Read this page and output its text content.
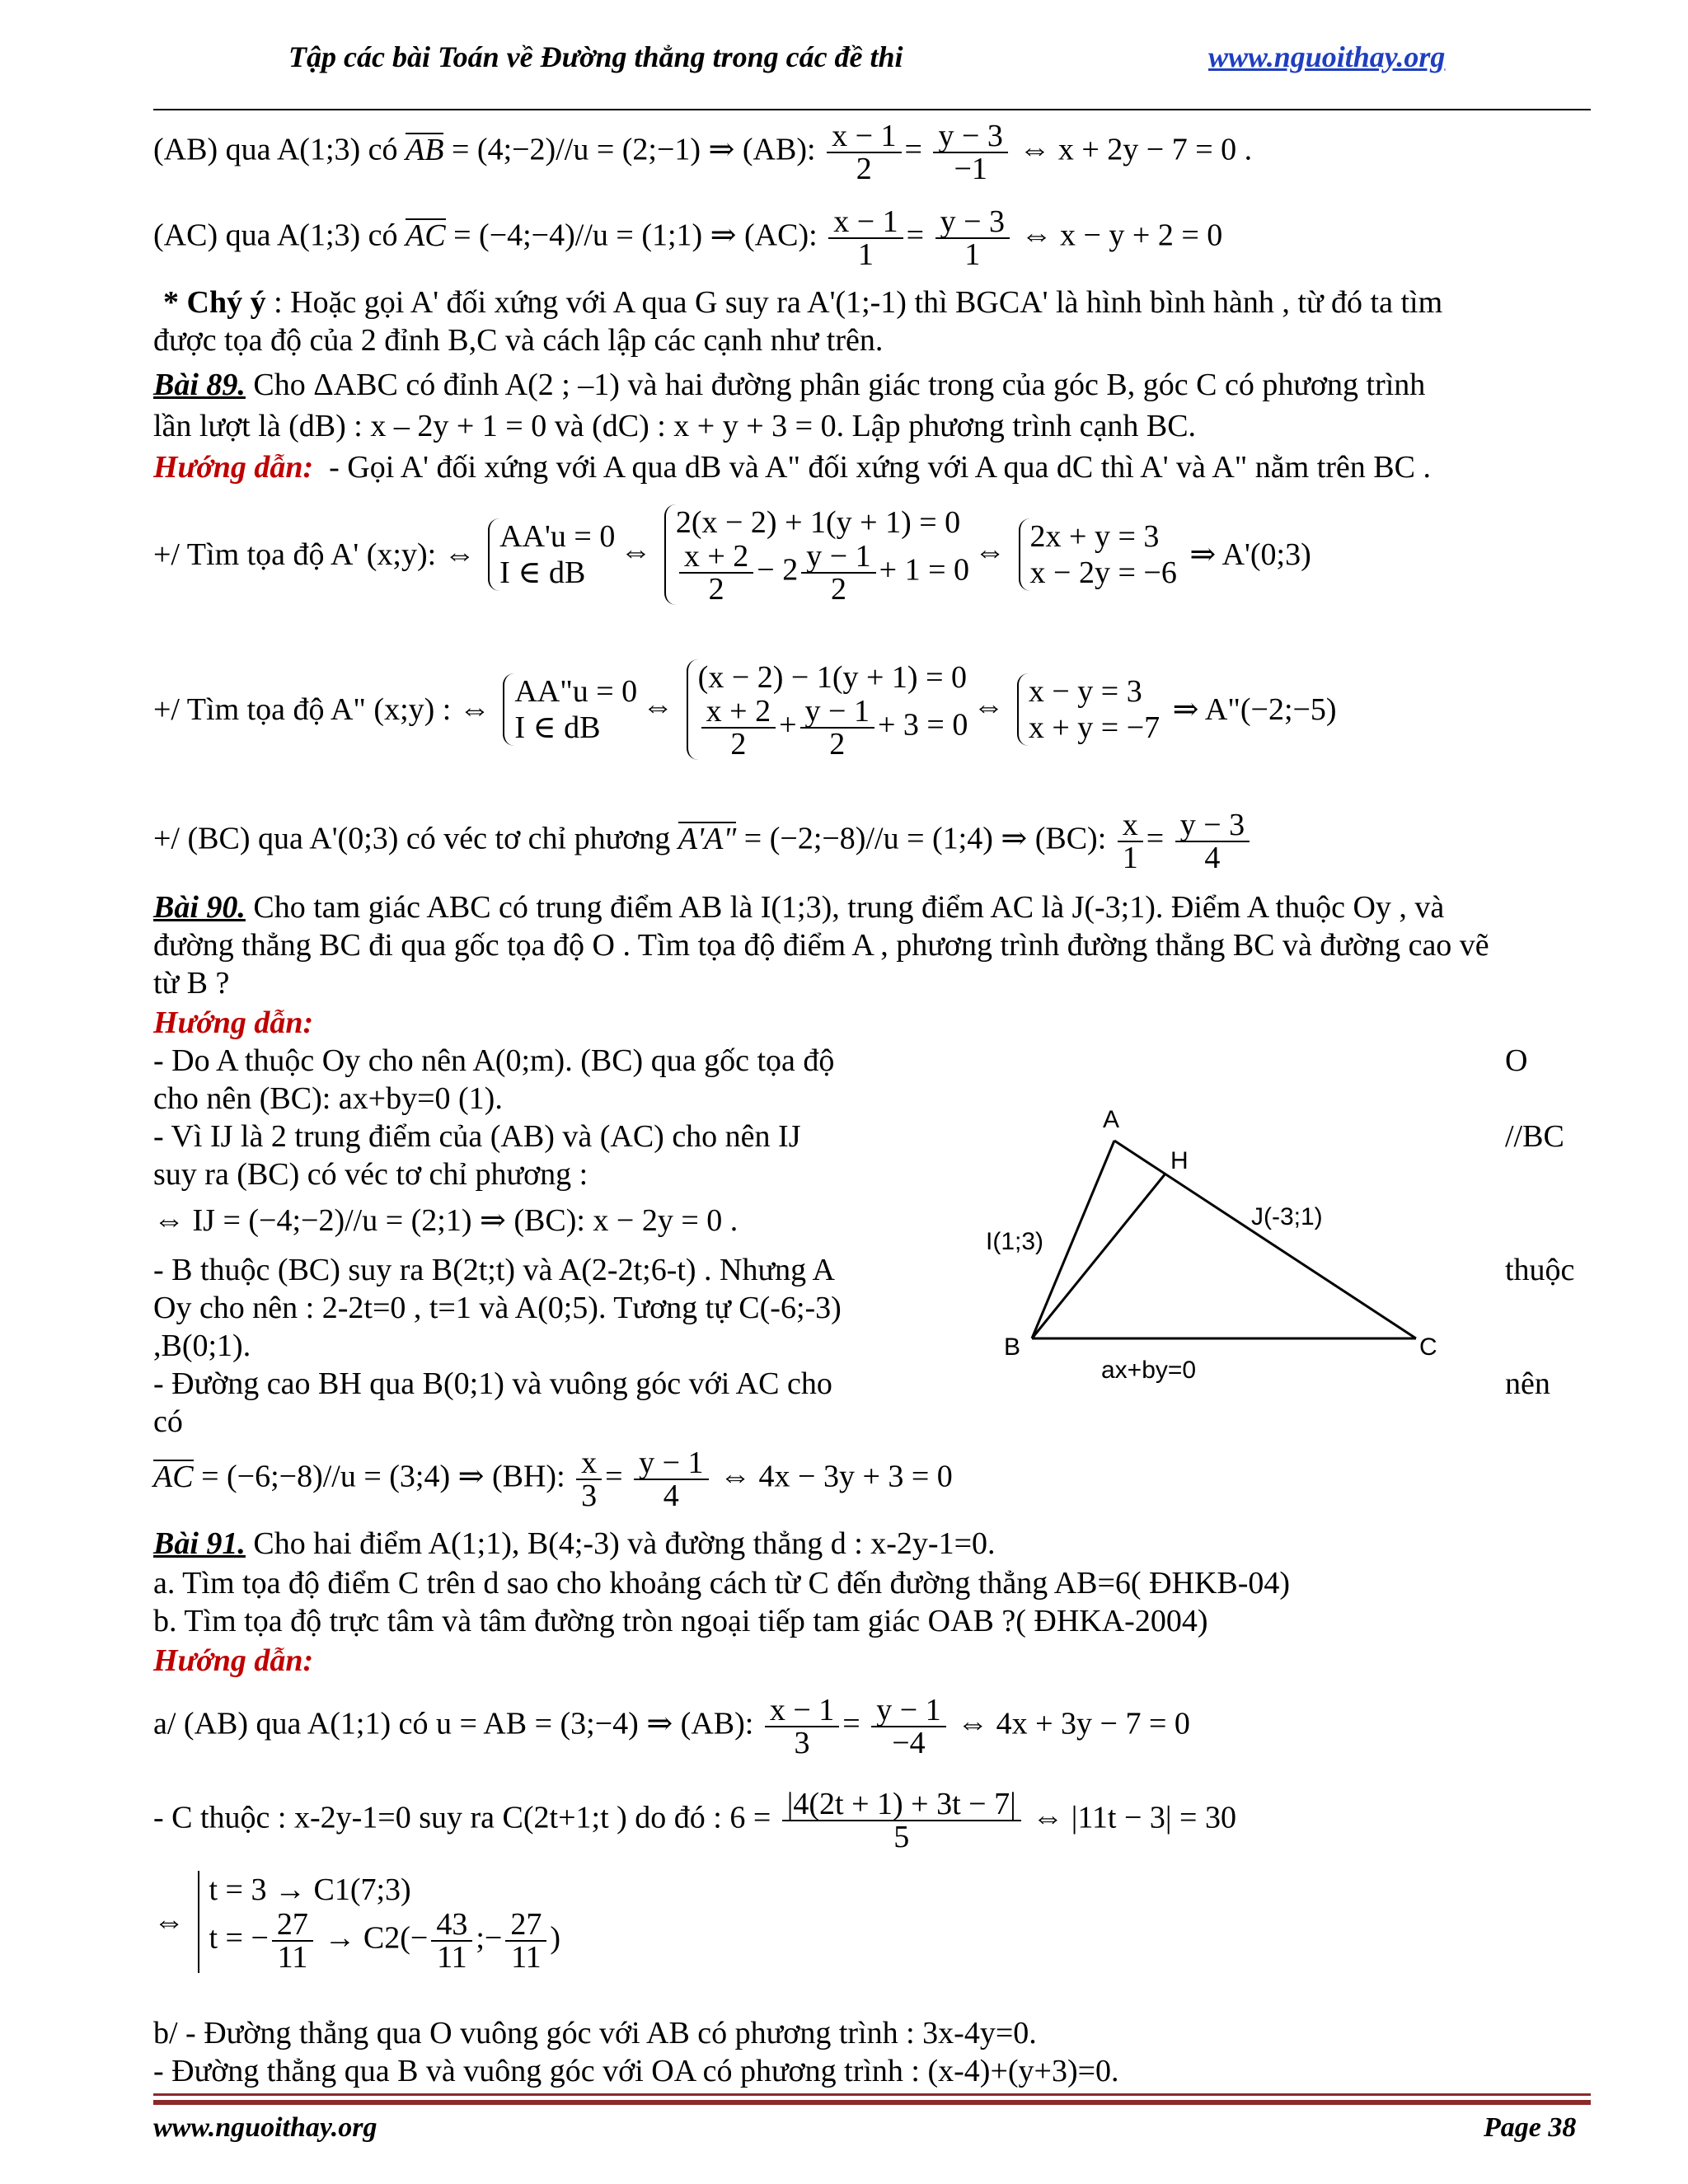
Tập các bài Toán về Đường thẳng trong các đề thi	www.nguoithay.org
(AB) qua A(1;3) có AB = (4;−2)//u = (2;−1) ⇒ (AB): $\frac{x - 1}{2} = \frac{y - 3}{-1}$ ⇔ x + 2y − 7 = 0 .
(AC) qua A(1;3) có AC = (−4;−4)//u = (1;1) ⇒ (AC): $\frac{x - 1}{1} = \frac{y - 3}{1}$ ⇔ x − y + 2 = 0
* Chý ý : Hoặc gọi A' đối xứng với A qua G suy ra A'(1;-1) thì BGCA' là hình bình hành , từ đó ta tìm
được tọa độ của 2 đỉnh B,C và cách lập các cạnh như trên.
Bài 89. Cho ΔABC có đỉnh A(2 ; –1) và hai đường phân giác trong của góc B, góc C có phương trình
lần lượt là (dB) : x – 2y + 1 = 0 và (dC) : x + y + 3 = 0. Lập phương trình cạnh BC.
Hướng dẫn: - Gọi A' đối xứng với A qua dB và A" đối xứng với A qua dC thì A' và A" nằm trên BC .
+/ Tìm tọa độ A' (x;y): ⇔
AA'u = 0
I ∈ dB
⇔
2(x − 2) + 1(y + 1) = 0
$\frac{x + 2}{2} - 2 \frac{y - 1}{2} + 1 = 0$
⇔ 2x + y = 3
x − 2y = −6
⇒ A'(0;3)
+/ Tìm tọa độ A" (x;y) : ⇔
AA"u = 0
I ∈ dB
⇔
(x − 2) − 1(y + 1) = 0
$\frac{x + 2}{2} + \frac{y - 1}{2} + 3 = 0$
⇔ x − y = 3
x + y = −7
⇒ A"(−2;−5)
+/ (BC) qua A'(0;3) có véc tơ chỉ phương A'A" = (−2;−8)//u = (1;4) ⇒ (BC): $\frac{x}{1} = \frac{y - 3}{4}$
Bài 90. Cho tam giác ABC có trung điểm AB là I(1;3), trung điểm AC là J(-3;1). Điểm A thuộc Oy , và
đường thẳng BC đi qua gốc tọa độ O . Tìm tọa độ điểm A , phương trình đường thẳng BC và đường cao vẽ
từ B ?
Hướng dẫn:
- Do A thuộc Oy cho nên A(0;m). (BC) qua gốc tọa độ	O
cho nên (BC): ax+by=0 (1).
- Vì IJ là 2 trung điểm của (AB) và (AC) cho nên IJ	//BC
suy ra (BC) có véc tơ chỉ phương :
⇔ IJ = (−4;−2)//u = (2;1) ⇒ (BC): x − 2y = 0 .
- B thuộc (BC) suy ra B(2t;t) và A(2-2t;6-t) . Nhưng A	thuộc
Oy cho nên : 2-2t=0 , t=1 và A(0;5). Tương tự C(-6;-3)
,B(0;1).
- Đường cao BH qua B(0;1) và vuông góc với AC cho	nên
có
AC = (−6;−8)//u = (3;4) ⇒ (BH): $\frac{x}{3} = \frac{y - 1}{4}$ ⇔ 4x − 3y + 3 = 0
A
H
I(1;3)
J(-3;1)
B	C
ax+by=0
Bài 91. Cho hai điểm A(1;1), B(4;-3) và đường thẳng d : x-2y-1=0.
a. Tìm tọa độ điểm C trên d sao cho khoảng cách từ C đến đường thẳng AB=6( ĐHKB-04)
b. Tìm tọa độ trực tâm và tâm đường tròn ngoại tiếp tam giác OAB ?( ĐHKA-2004)
Hướng dẫn:
a/ (AB) qua A(1;1) có u = AB = (3;−4) ⇒ (AB): $\frac{x - 1}{3} = \frac{y - 1}{-4}$ ⇔ 4x + 3y − 7 = 0
- C thuộc : x-2y-1=0 suy ra C(2t+1;t ) do đó : $6 = \frac{|4(2t + 1) + 3t - 7|}{5}$ ⇔ |11t − 3| = 30
⇔
t = 3 → C1(7;3)
t = − $\frac{27}{11} \to C2(- \frac{43}{11}$ ;− $\frac{27}{11}$ )
b/ - Đường thẳng qua O vuông góc với AB có phương trình : 3x-4y=0.
- Đường thẳng qua B và vuông góc với OA có phương trình : (x-4)+(y+3)=0.
www.nguoithay.org	Page 38
